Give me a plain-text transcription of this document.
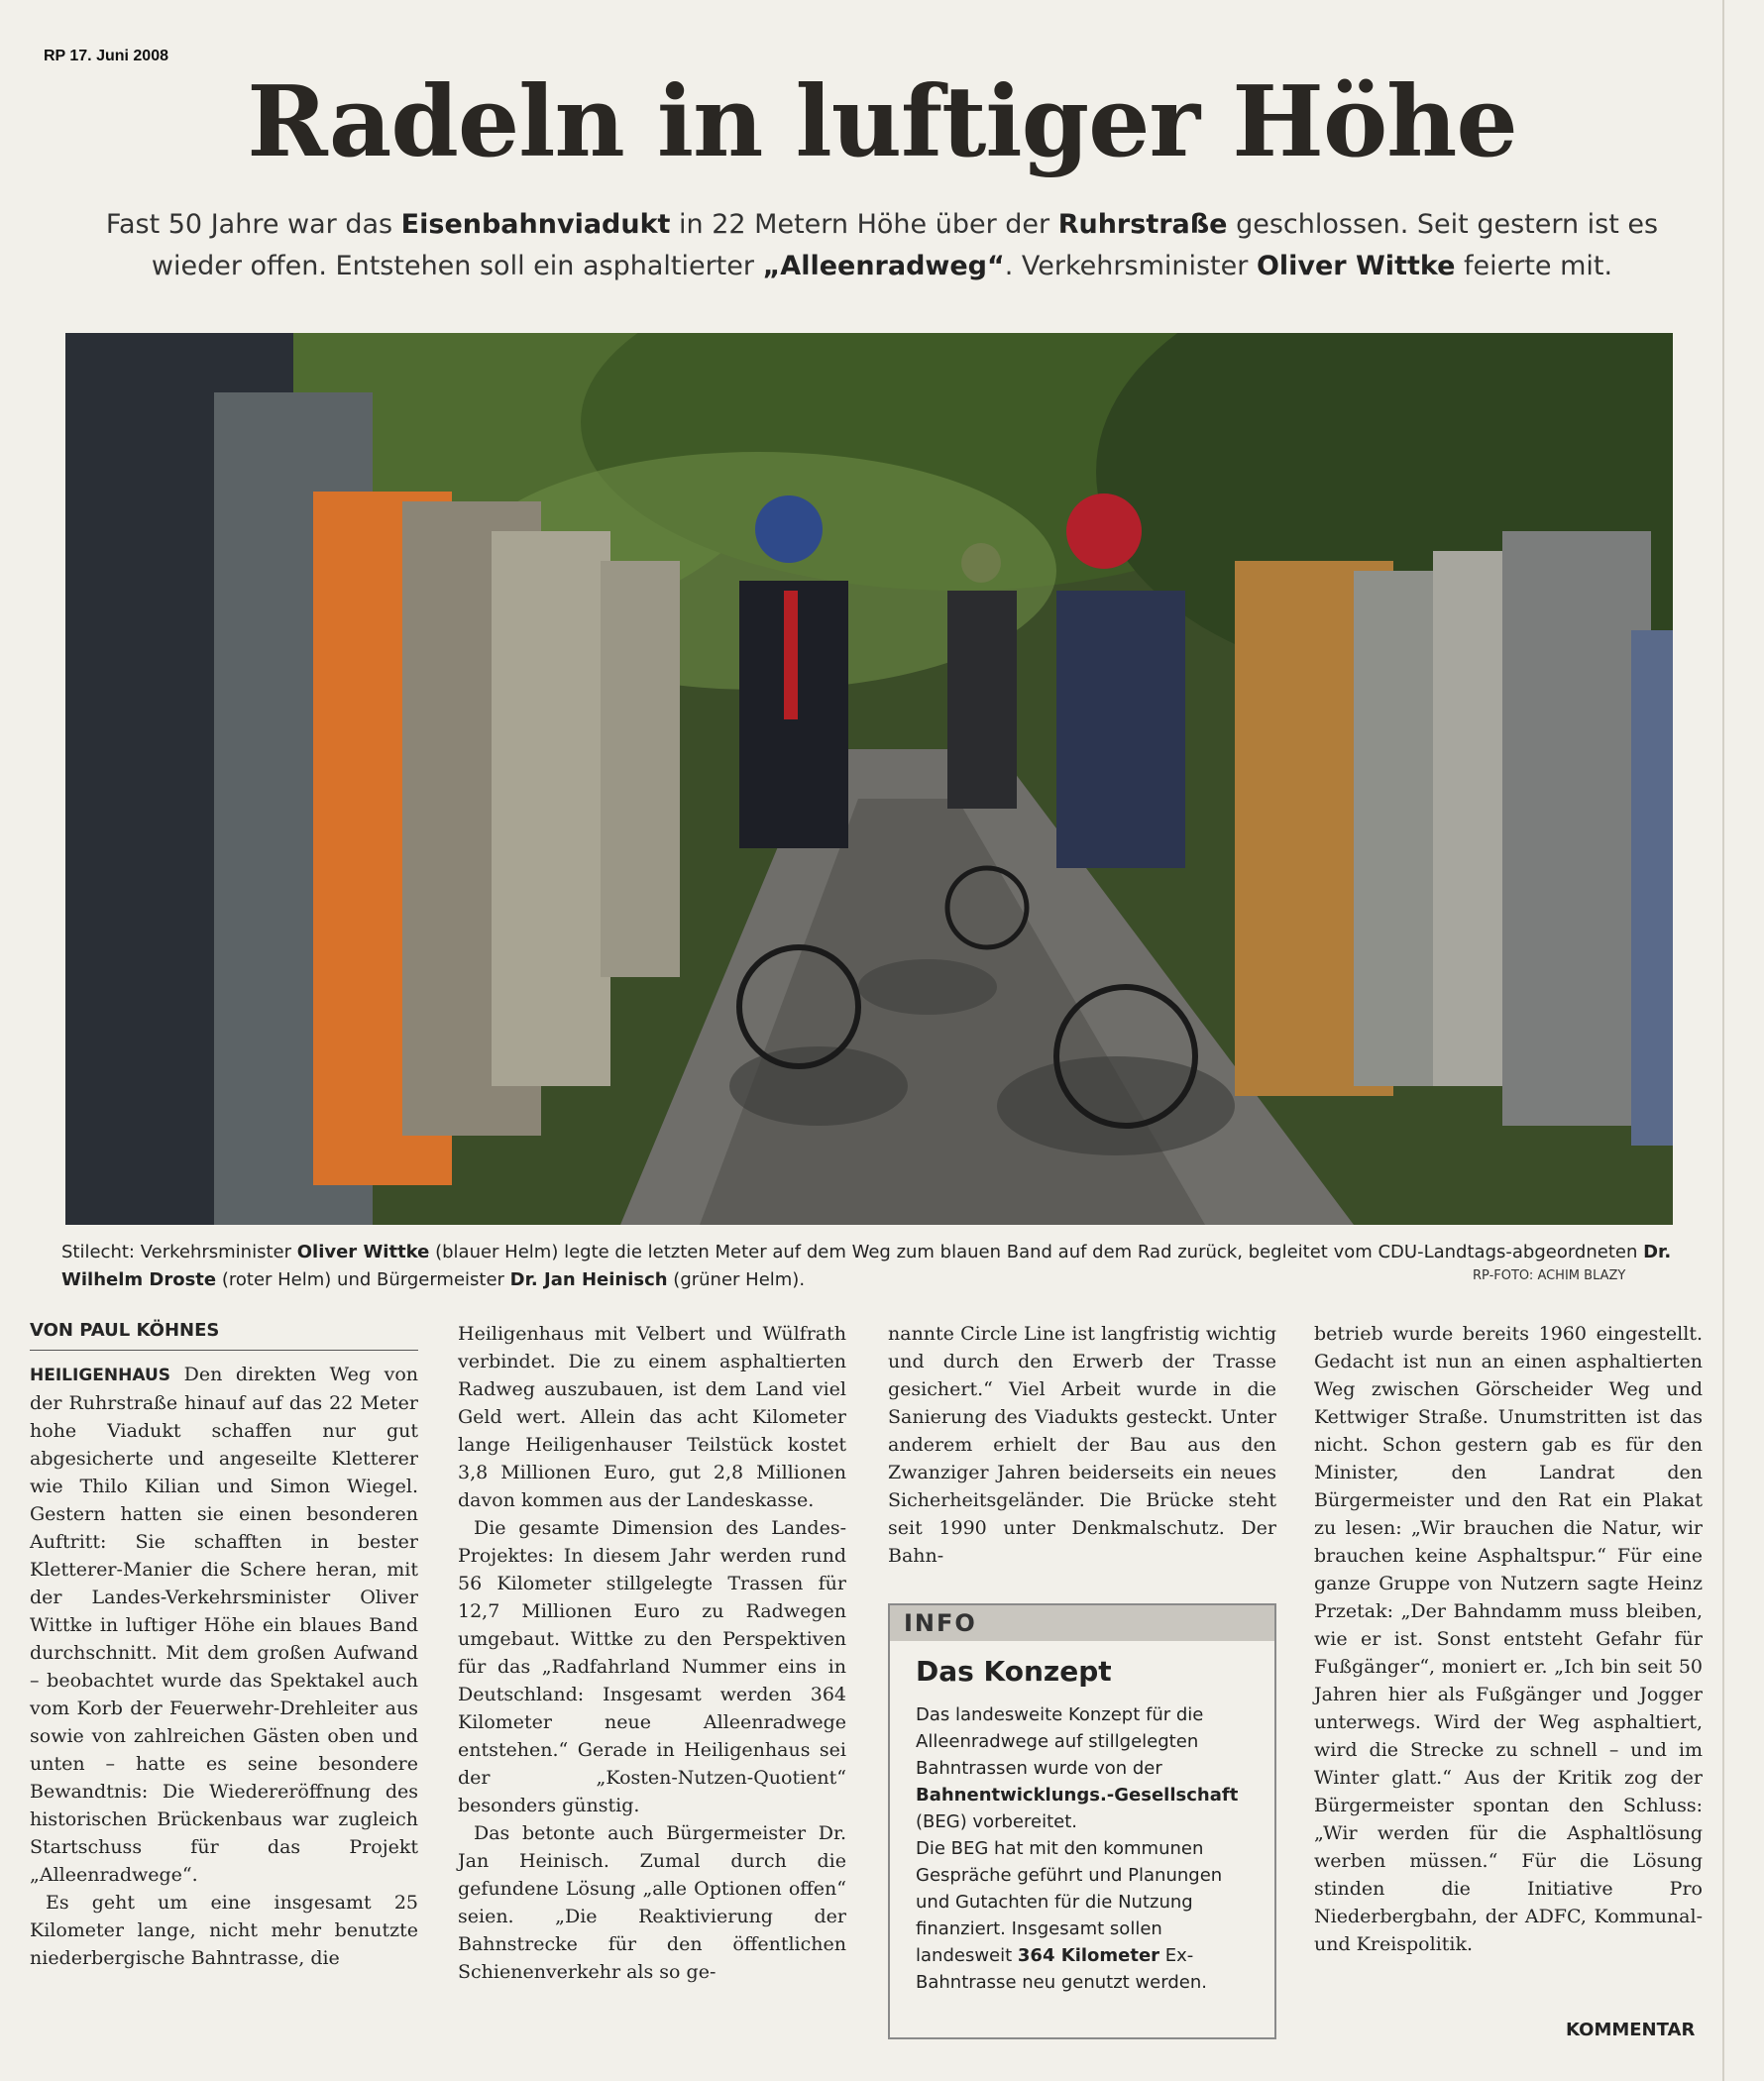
RP 17. Juni 2008
Radeln in luftiger Höhe
Fast 50 Jahre war das Eisenbahnviadukt in 22 Metern Höhe über der Ruhrstraße geschlossen. Seit gestern ist es
wieder offen. Entstehen soll ein asphaltierter „Alleenradweg“. Verkehrsminister Oliver Wittke feierte mit.
Stilecht: Verkehrsminister Oliver Wittke (blauer Helm) legte die letzten Meter auf dem Weg zum blauen Band auf dem Rad zurück, begleitet vom CDU-Landtags-abgeordneten Dr. Wilhelm Droste (roter Helm) und Bürgermeister Dr. Jan Heinisch (grüner Helm).	RP-FOTO: ACHIM BLAZY
VON PAUL KÖHNES

HEILIGENHAUS Den direkten Weg von der Ruhrstraße hinauf auf das 22 Meter hohe Viadukt schaffen nur gut abgesicherte und angeseilte Kletterer wie Thilo Kilian und Simon Wiegel. Gestern hatten sie einen besonderen Auftritt: Sie schafften in bester Kletterer-Manier die Schere heran, mit der Landes-Verkehrsminister Oliver Wittke in luftiger Höhe ein blaues Band durchschnitt. Mit dem großen Aufwand – beobachtet wurde das Spektakel auch vom Korb der Feuerwehr-Drehleiter aus sowie von zahlreichen Gästen oben und unten – hatte es seine besondere Bewandtnis: Die Wiedereröffnung des historischen Brückenbaus war zugleich Startschuss für das Projekt „Alleenradwege“.

Es geht um eine insgesamt 25 Kilometer lange, nicht mehr benutzte niederbergische Bahntrasse, die

Heiligenhaus mit Velbert und Wülfrath verbindet. Die zu einem asphaltierten Radweg auszubauen, ist dem Land viel Geld wert. Allein das acht Kilometer lange Heiligenhauser Teilstück kostet 3,8 Millionen Euro, gut 2,8 Millionen davon kommen aus der Landeskasse.

Die gesamte Dimension des Landes-Projektes: In diesem Jahr werden rund 56 Kilometer stillgelegte Trassen für 12,7 Millionen Euro zu Radwegen umgebaut. Wittke zu den Perspektiven für das „Radfahrland Nummer eins in Deutschland: Insgesamt werden 364 Kilometer neue Alleenradwege entstehen.“ Gerade in Heiligenhaus sei der „Kosten-Nutzen-Quotient“ besonders günstig.

Das betonte auch Bürgermeister Dr. Jan Heinisch. Zumal durch die gefundene Lösung „alle Optionen offen“ seien. „Die Reaktivierung der Bahnstrecke für den öffentlichen Schienenverkehr als so ge-

nannte Circle Line ist langfristig wichtig und durch den Erwerb der Trasse gesichert.“ Viel Arbeit wurde in die Sanierung des Viadukts gesteckt. Unter anderem erhielt der Bau aus den Zwanziger Jahren beiderseits ein neues Sicherheitsgeländer. Die Brücke steht seit 1990 unter Denkmalschutz. Der Bahn-

INFO
Das Konzept

Das landesweite Konzept für die Alleenradwege auf stillgelegten Bahntrassen wurde von der Bahnentwicklungs.-Gesellschaft (BEG) vorbereitet.

Die BEG hat mit den kommunen Gespräche geführt und Planungen und Gutachten für die Nutzung finanziert. Insgesamt sollen landesweit 364 Kilometer Ex-Bahntrasse neu genutzt werden.

betrieb wurde bereits 1960 eingestellt. Gedacht ist nun an einen asphaltierten Weg zwischen Görscheider Weg und Kettwiger Straße. Unumstritten ist das nicht. Schon gestern gab es für den Minister, den Landrat den Bürgermeister und den Rat ein Plakat zu lesen: „Wir brauchen die Natur, wir brauchen keine Asphaltspur.“ Für eine ganze Gruppe von Nutzern sagte Heinz Przetak: „Der Bahndamm muss bleiben, wie er ist. Sonst entsteht Gefahr für Fußgänger“, moniert er. „Ich bin seit 50 Jahren hier als Fußgänger und Jogger unterwegs. Wird der Weg asphaltiert, wird die Strecke zu schnell – und im Winter glatt.“ Aus der Kritik zog der Bürgermeister spontan den Schluss: „Wir werden für die Asphaltlösung werben müssen.“ Für die Lösung stinden die Initiative Pro Niederbergbahn, der ADFC, Kommunal- und Kreispolitik.

KOMMENTAR
